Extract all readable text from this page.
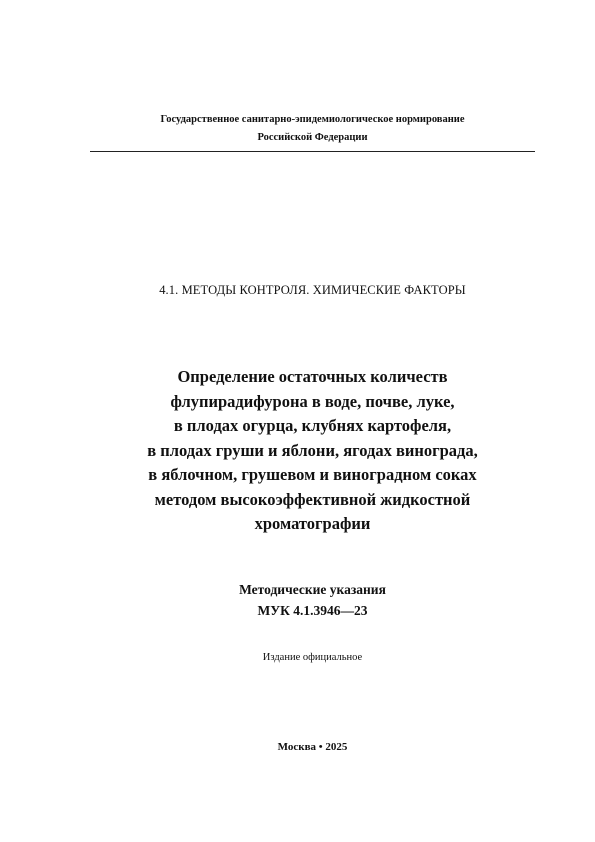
Государственное санитарно-эпидемиологическое нормирование
Российской Федерации
4.1. МЕТОДЫ КОНТРОЛЯ. ХИМИЧЕСКИЕ ФАКТОРЫ
Определение остаточных количеств
флупирадифурона в воде, почве, луке,
в плодах огурца, клубнях картофеля,
в плодах груши и яблони, ягодах винограда,
в яблочном, грушевом и виноградном соках
методом высокоэффективной жидкостной
хроматографии
Методические указания
МУК 4.1.3946—23
Издание официальное
Москва • 2025
